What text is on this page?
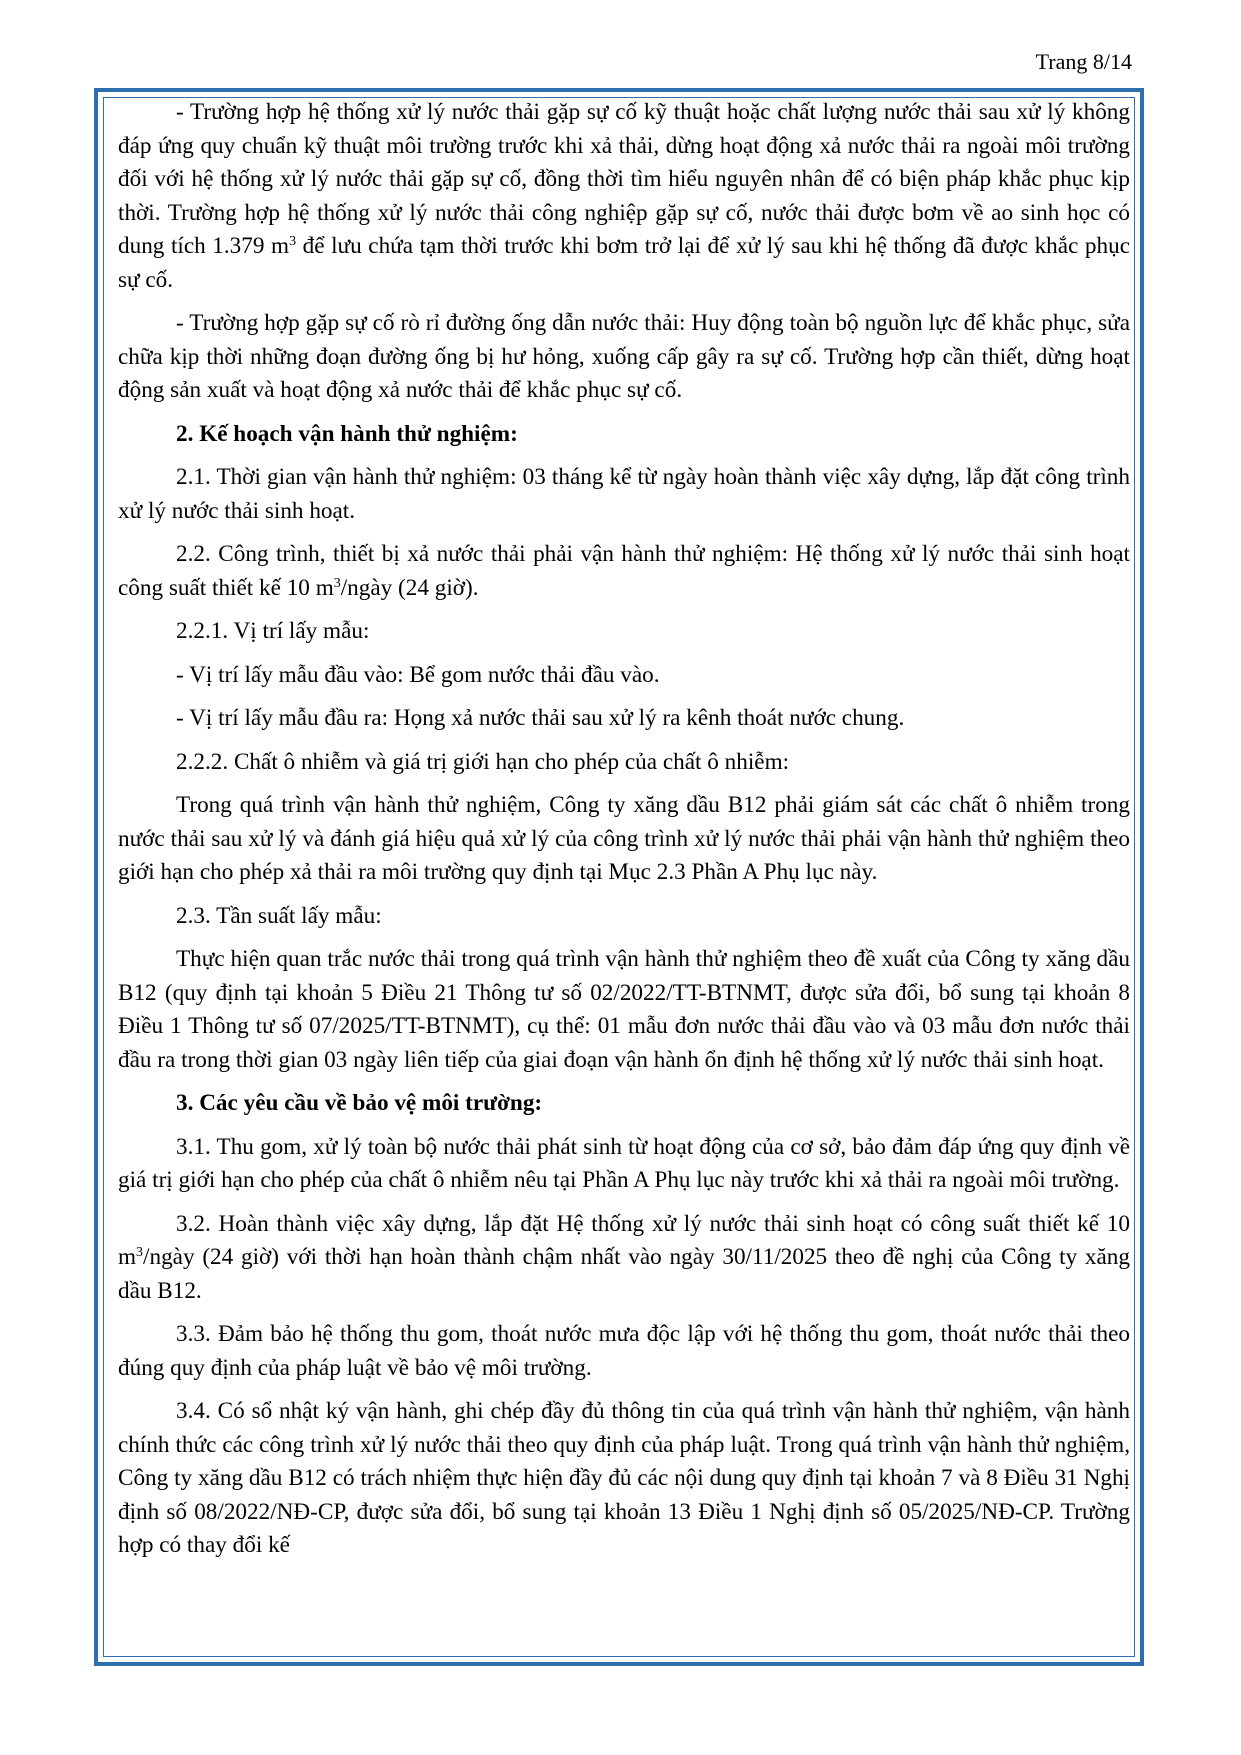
Trang 8/14

- Trường hợp hệ thống xử lý nước thải gặp sự cố kỹ thuật hoặc chất lượng nước thải sau xử lý không đáp ứng quy chuẩn kỹ thuật môi trường trước khi xả thải, dừng hoạt động xả nước thải ra ngoài môi trường đối với hệ thống xử lý nước thải gặp sự cố, đồng thời tìm hiểu nguyên nhân để có biện pháp khắc phục kịp thời. Trường hợp hệ thống xử lý nước thải công nghiệp gặp sự cố, nước thải được bơm về ao sinh học có dung tích 1.379 $m^3$ để lưu chứa tạm thời trước khi bơm trở lại để xử lý sau khi hệ thống đã được khắc phục sự cố.

- Trường hợp gặp sự cố rò rỉ đường ống dẫn nước thải: Huy động toàn bộ nguồn lực để khắc phục, sửa chữa kịp thời những đoạn đường ống bị hư hỏng, xuống cấp gây ra sự cố. Trường hợp cần thiết, dừng hoạt động sản xuất và hoạt động xả nước thải để khắc phục sự cố.

2. Kế hoạch vận hành thử nghiệm:

2.1. Thời gian vận hành thử nghiệm: 03 tháng kể từ ngày hoàn thành việc xây dựng, lắp đặt công trình xử lý nước thải sinh hoạt.

2.2. Công trình, thiết bị xả nước thải phải vận hành thử nghiệm: Hệ thống xử lý nước thải sinh hoạt công suất thiết kế 10 $m^3$/ngày (24 giờ).

2.2.1. Vị trí lấy mẫu:

- Vị trí lấy mẫu đầu vào: Bể gom nước thải đầu vào.

- Vị trí lấy mẫu đầu ra: Họng xả nước thải sau xử lý ra kênh thoát nước chung.

2.2.2. Chất ô nhiễm và giá trị giới hạn cho phép của chất ô nhiễm:

Trong quá trình vận hành thử nghiệm, Công ty xăng dầu B12 phải giám sát các chất ô nhiễm trong nước thải sau xử lý và đánh giá hiệu quả xử lý của công trình xử lý nước thải phải vận hành thử nghiệm theo giới hạn cho phép xả thải ra môi trường quy định tại Mục 2.3 Phần A Phụ lục này.

2.3. Tần suất lấy mẫu:

Thực hiện quan trắc nước thải trong quá trình vận hành thử nghiệm theo đề xuất của Công ty xăng dầu B12 (quy định tại khoản 5 Điều 21 Thông tư số 02/2022/TT-BTNMT, được sửa đổi, bổ sung tại khoản 8 Điều 1 Thông tư số 07/2025/TT-BTNMT), cụ thể: 01 mẫu đơn nước thải đầu vào và 03 mẫu đơn nước thải đầu ra trong thời gian 03 ngày liên tiếp của giai đoạn vận hành ổn định hệ thống xử lý nước thải sinh hoạt.

3. Các yêu cầu về bảo vệ môi trường:

3.1. Thu gom, xử lý toàn bộ nước thải phát sinh từ hoạt động của cơ sở, bảo đảm đáp ứng quy định về giá trị giới hạn cho phép của chất ô nhiễm nêu tại Phần A Phụ lục này trước khi xả thải ra ngoài môi trường.

3.2. Hoàn thành việc xây dựng, lắp đặt Hệ thống xử lý nước thải sinh hoạt có công suất thiết kế 10 $m^3$/ngày (24 giờ) với thời hạn hoàn thành chậm nhất vào ngày 30/11/2025 theo đề nghị của Công ty xăng dầu B12.

3.3. Đảm bảo hệ thống thu gom, thoát nước mưa độc lập với hệ thống thu gom, thoát nước thải theo đúng quy định của pháp luật về bảo vệ môi trường.

3.4. Có sổ nhật ký vận hành, ghi chép đầy đủ thông tin của quá trình vận hành thử nghiệm, vận hành chính thức các công trình xử lý nước thải theo quy định của pháp luật. Trong quá trình vận hành thử nghiệm, Công ty xăng dầu B12 có trách nhiệm thực hiện đầy đủ các nội dung quy định tại khoản 7 và 8 Điều 31 Nghị định số 08/2022/NĐ-CP, được sửa đổi, bổ sung tại khoản 13 Điều 1 Nghị định số 05/2025/NĐ-CP. Trường hợp có thay đổi kế
